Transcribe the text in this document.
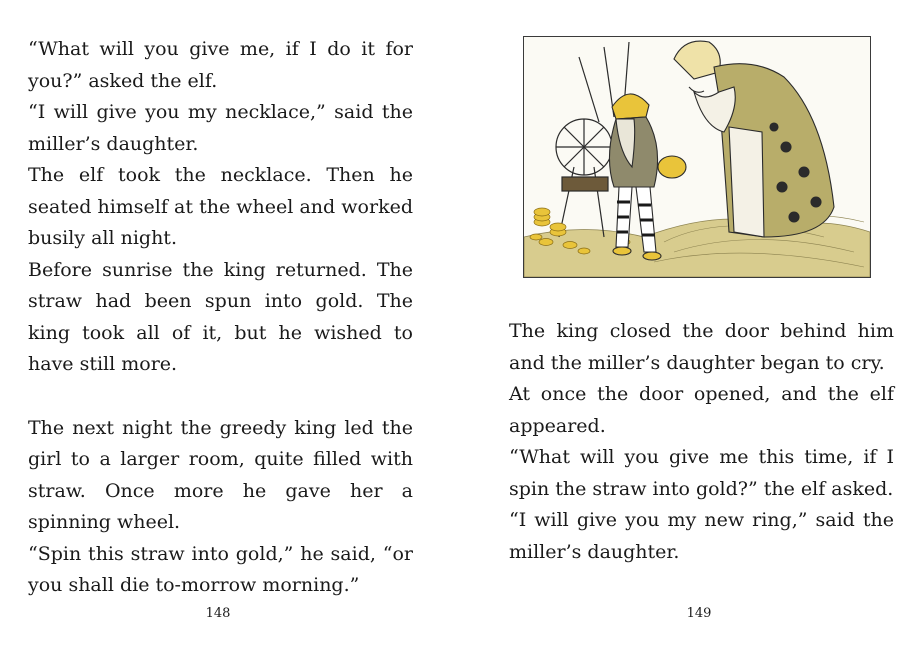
“What will you give me, if I do it for you?” asked the elf.

“I will give you my necklace,” said the miller’s daughter.

The elf took the necklace. Then he seated himself at the wheel and worked busily all night.

Before sunrise the king returned. The straw had been spun into gold. The king took all of it, but he wished to have still more.

The next night the greedy king led the girl to a larger room, quite filled with straw. Once more he gave her a spinning wheel.

“Spin this straw into gold,” he said, “or you shall die to-morrow morning.”

148

The king closed the door behind him and the miller’s daughter began to cry.

At once the door opened, and the elf appeared.

“What will you give me this time, if I spin the straw into gold?” the elf asked.

“I will give you my new ring,” said the miller’s daughter.

149
